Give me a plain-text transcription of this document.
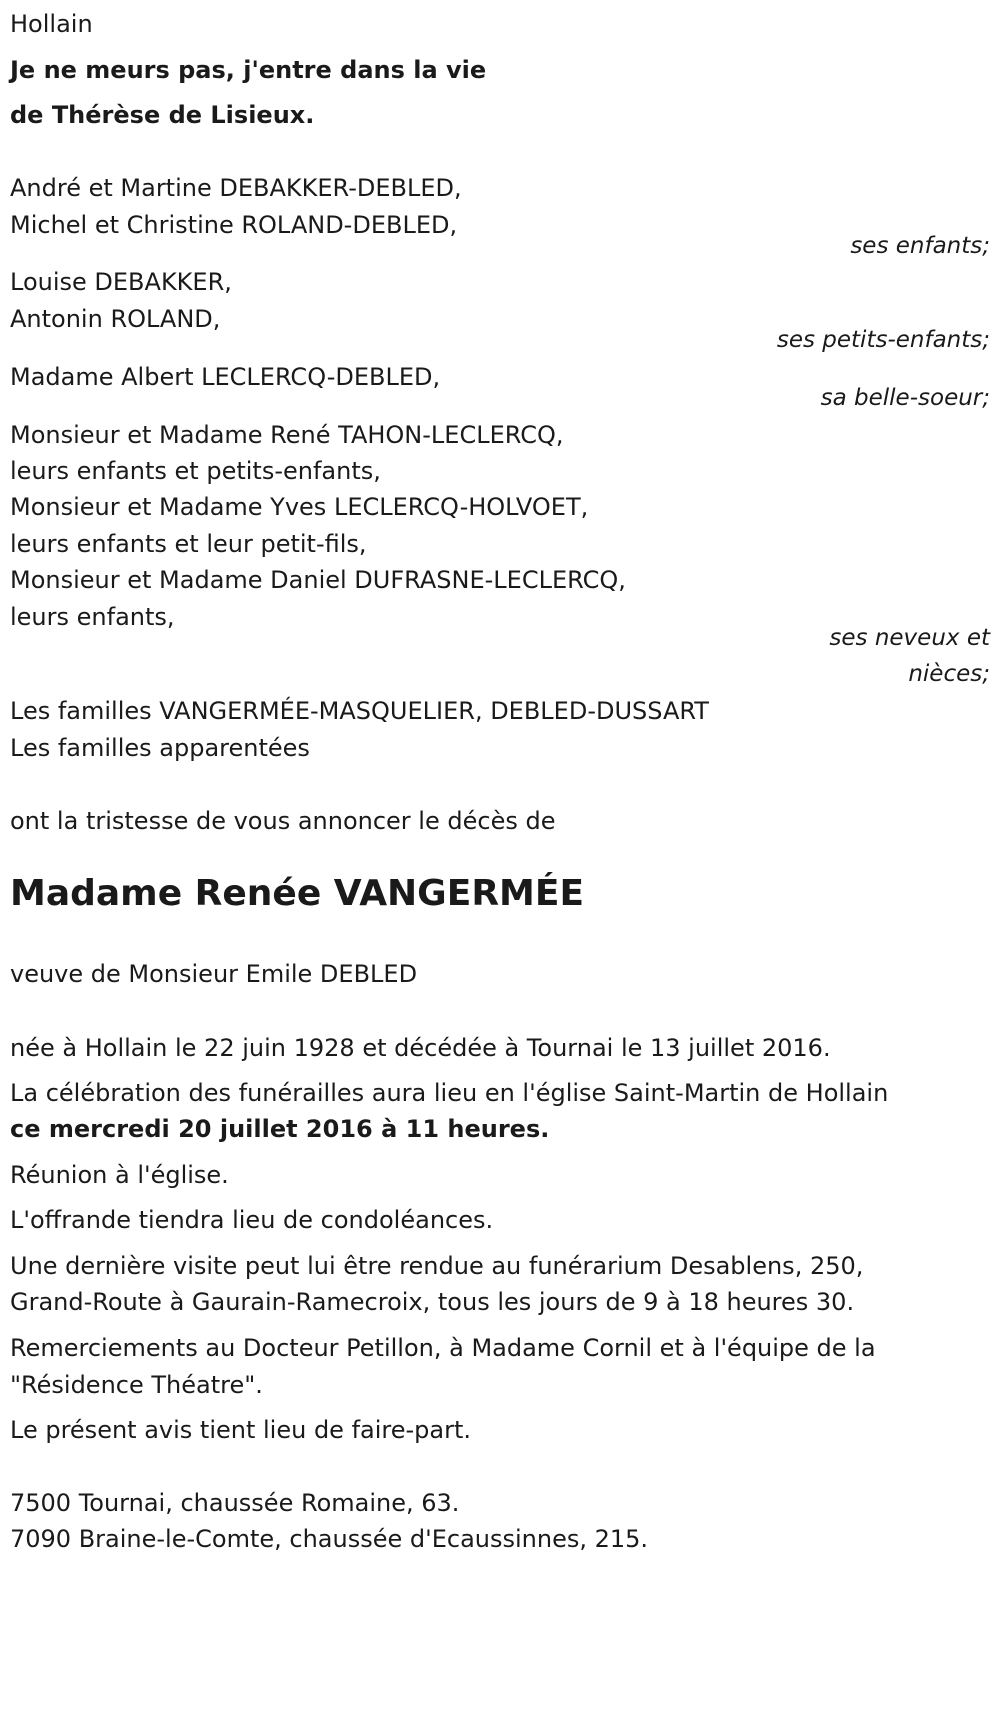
Hollain
Je ne meurs pas, j'entre dans la vie
de Thérèse de Lisieux.
André et Martine DEBAKKER-DEBLED,
Michel et Christine ROLAND-DEBLED,
ses enfants;
Louise DEBAKKER,
Antonin ROLAND,
ses petits-enfants;
Madame Albert LECLERCQ-DEBLED,
sa belle-soeur;
Monsieur et Madame René TAHON-LECLERCQ,
leurs enfants et petits-enfants,
Monsieur et Madame Yves LECLERCQ-HOLVOET,
leurs enfants et leur petit-fils,
Monsieur et Madame Daniel DUFRASNE-LECLERCQ,
leurs enfants,
ses neveux et
nièces;
Les familles VANGERMÉE-MASQUELIER, DEBLED-DUSSART
Les familles apparentées
ont la tristesse de vous annoncer le décès de
Madame Renée VANGERMÉE
veuve de Monsieur Emile DEBLED
née à Hollain le 22 juin 1928 et décédée à Tournai le 13 juillet 2016.
La célébration des funérailles aura lieu en l'église Saint-Martin de Hollain
ce mercredi 20 juillet 2016 à 11 heures.
Réunion à l'église.
L'offrande tiendra lieu de condoléances.
Une dernière visite peut lui être rendue au funérarium Desablens, 250,
Grand-Route à Gaurain-Ramecroix, tous les jours de 9 à 18 heures 30.
Remerciements au Docteur Petillon, à Madame Cornil et à l'équipe de la
"Résidence Théatre".
Le présent avis tient lieu de faire-part.
7500 Tournai, chaussée Romaine, 63.
7090 Braine-le-Comte, chaussée d'Ecaussinnes, 215.
